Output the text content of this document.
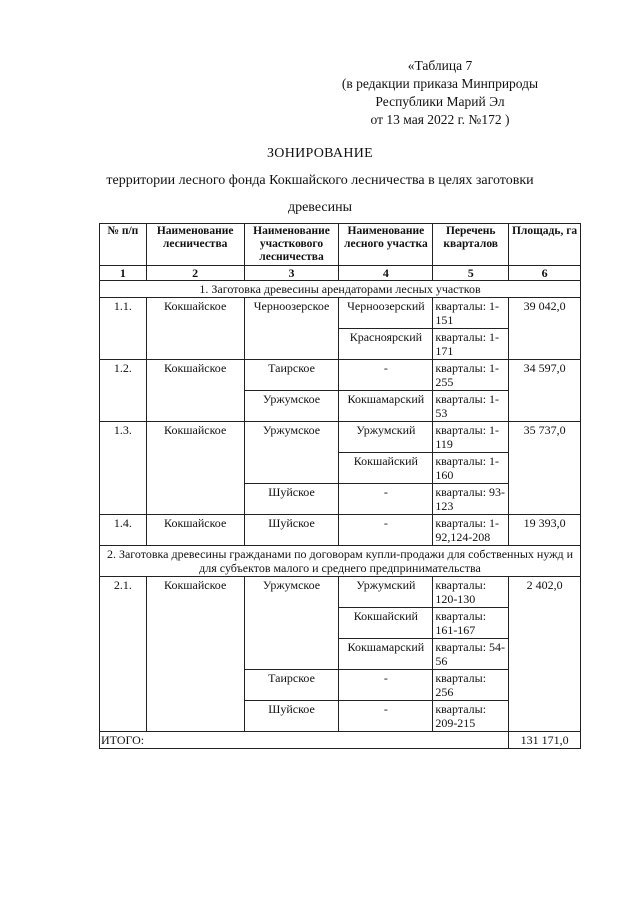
«Таблица 7
(в редакции приказа Минприроды
Республики Марий Эл
от 13 мая 2022 г. №172 )
ЗОНИРОВАНИЕ
территории лесного фонда Кокшайского лесничества в целях заготовки
древесины
№ п/п	Наименование лесничества	Наименование участкового лесничества	Наименование лесного участка	Перечень кварталов	Площадь, га
1	2	3	4	5	6
1. Заготовка древесины арендаторами лесных участков					
1.1.	Кокшайское	Черноозерское	Черноозерский	кварталы: 1-151	39 042,0
			Красноярский	кварталы: 1-171	
1.2.	Кокшайское	Таирское	-	кварталы: 1-255	34 597,0
		Уржумское	Кокшамарский	кварталы: 1-53	
1.3.	Кокшайское	Уржумское	Уржумский	кварталы: 1-119	35 737,0
			Кокшайский	кварталы: 1-160	
		Шуйское	-	кварталы: 93-123	
1.4.	Кокшайское	Шуйское	-	кварталы: 1-92,124-208	19 393,0
2. Заготовка древесины гражданами по договорам купли-продажи для собственных нужд и для субъектов малого и среднего предпринимательства					
2.1.	Кокшайское	Уржумское	Уржумский	кварталы: 120-130	2 402,0
			Кокшайский	кварталы: 161-167	
			Кокшамарский	кварталы: 54-56	
		Таирское	-	кварталы: 256	
		Шуйское	-	кварталы: 209-215	
ИТОГО:					131 171,0
